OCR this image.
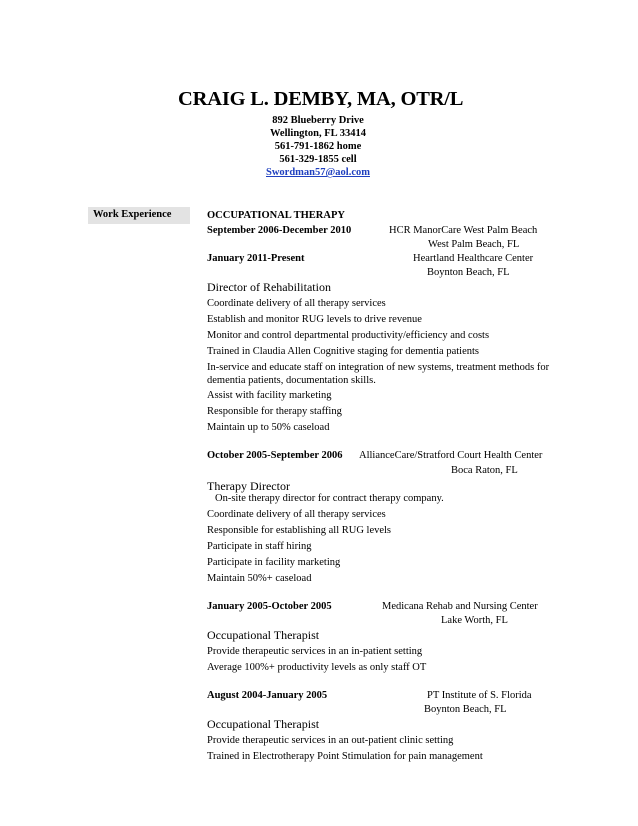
CRAIG L. DEMBY, MA, OTR/L
892 Blueberry Drive
Wellington, FL 33414
561-791-1862 home
561-329-1855 cell
Swordman57@aol.com
Work Experience	OCCUPATIONAL THERAPY
September 2006-December 2010	HCR ManorCare West Palm Beach
West Palm Beach, FL
January 2011-Present	Heartland Healthcare Center
Boynton Beach, FL
Director of Rehabilitation
Coordinate delivery of all therapy services
Establish and monitor RUG levels to drive revenue
Monitor and control departmental productivity/efficiency and costs
Trained in Claudia Allen Cognitive staging for dementia patients
In-service and educate staff on integration of new systems, treatment methods for
dementia patients, documentation skills.
Assist with facility marketing
Responsible for therapy staffing
Maintain up to 50% caseload
October 2005-September 2006 AllianceCare/Stratford Court Health Center
Boca Raton, FL
Therapy Director
On-site therapy director for contract therapy company.
Coordinate delivery of all therapy services
Responsible for establishing all RUG levels
Participate in staff hiring
Participate in facility marketing
Maintain 50%+ caseload
January 2005-October 2005	Medicana Rehab and Nursing Center
Lake Worth, FL
Occupational Therapist
Provide therapeutic services in an in-patient setting
Average 100%+ productivity levels as only staff OT
August 2004-January 2005	PT Institute of S. Florida
Boynton Beach, FL
Occupational Therapist
Provide therapeutic services in an out-patient clinic setting
Trained in Electrotherapy Point Stimulation for pain management
